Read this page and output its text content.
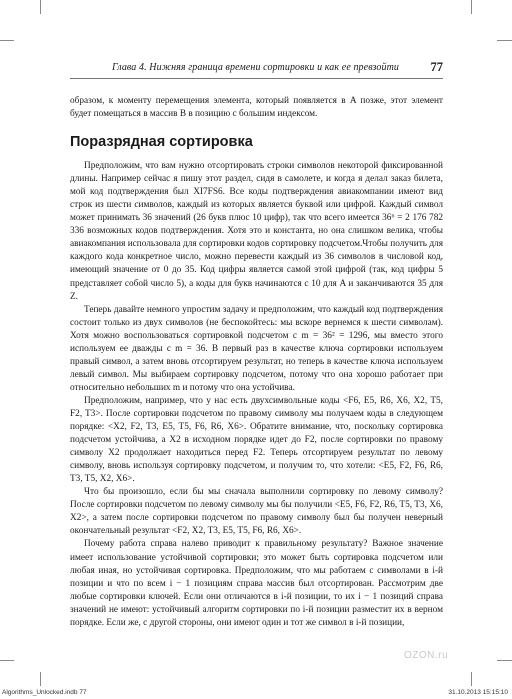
Глава 4. Нижняя граница времени сортировки и как ее превзойти	77

образом, к моменту перемещения элемента, который появляется в A позже, этот элемент будет помещаться в массив B в позицию с большим индексом.

Поразрядная сортировка

Предположим, что вам нужно отсортировать строки символов некоторой фиксированной длины. Например сейчас я пишу этот раздел, сидя в самолете, и когда я делал заказ билета, мой код подтверждения был XI7FS6. Все коды подтверждения авиакомпании имеют вид строк из шести символов, каждый из которых является буквой или цифрой. Каждый символ может принимать 36 значений (26 букв плюс 10 цифр), так что всего имеется 36⁶ = 2 176 782 336 возможных кодов подтверждения. Хотя это и константа, но она слишком велика, чтобы авиакомпания использовала для сортировки кодов сортировку подсчетом.Чтобы получить для каждого кода конкретное число, можно перевести каждый из 36 символов в числовой код, имеющий значение от 0 до 35. Код цифры является самой этой цифрой (так, код цифры 5 представляет собой число 5), а коды для букв начинаются с 10 для A и заканчиваются 35 для Z.

Теперь давайте немного упростим задачу и предположим, что каждый код подтверждения состоит только из двух символов (не беспокойтесь: мы вскоре вернемся к шести символам). Хотя можно воспользоваться сортировкой подсчетом с m = 36² = 1296, мы вместо этого используем ее дважды с m = 36. В первый раз в качестве ключа сортировки используем правый символ, а затем вновь отсортируем результат, но теперь в качестве ключа используем левый символ. Мы выбираем сортировку подсчетом, потому что она хорошо работает при относительно небольших m и потому что она устойчива.

Предположим, например, что у нас есть двухсимвольные коды <F6, E5, R6, X6, X2, T5, F2, T3>. После сортировки подсчетом по правому символу мы получаем коды в следующем порядке: <X2, F2, T3, E5, T5, F6, R6, X6>. Обратите внимание, что, поскольку сортировка подсчетом устойчива, а X2 в исходном порядке идет до F2, после сортировки по правому символу X2 продолжает находиться перед F2. Теперь отсортируем результат по левому символу, вновь используя сортировку подсчетом, и получим то, что хотели: <E5, F2, F6, R6, T3, T5, X2, X6>.

Что бы произошло, если бы мы сначала выполнили сортировку по левому символу? После сортировки подсчетом по левому символу мы бы получили <E5, F6, F2, R6, T5, T3, X6, X2>, а затем после сортировки подсчетом по правому символу был бы получен неверный окончательный результат <F2, X2, T3, E5, T5, F6, R6, X6>.

Почему работа справа налево приводит к правильному результату? Важное значение имеет использование устойчивой сортировки; это может быть сортировка подсчетом или любая иная, но устойчивая сортировка. Предположим, что мы работаем с символами в i-й позиции и что по всем i − 1 позициям справа массив был отсортирован. Рассмотрим две любые сортировки ключей. Если они отличаются в i-й позиции, то их i − 1 позиций справа значений не имеют: устойчивый алгоритм сортировки по i-й позиции разместит их в верном порядке. Если же, с другой стороны, они имеют один и тот же символ в i-й позиции,

OZON.ru
Algorithms_Unlocked.indb 77	31.10.2013 15:15:10
